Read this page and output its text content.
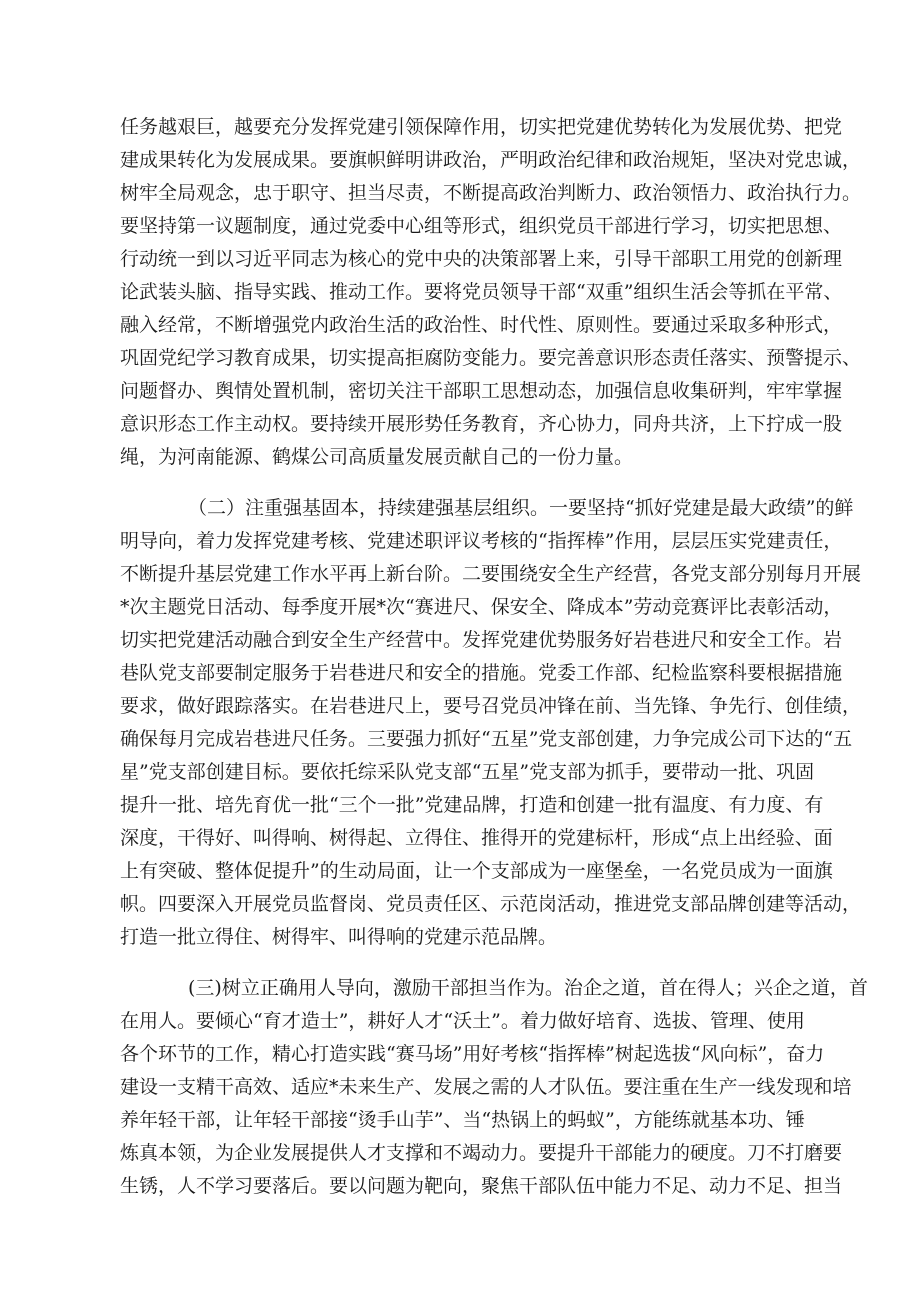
任务越艰巨，越要充分发挥党建引领保障作用，切实把党建优势转化为发展优势、把党
建成果转化为发展成果。要旗帜鲜明讲政治，严明政治纪律和政治规矩，坚决对党忠诚，
树牢全局观念，忠于职守、担当尽责，不断提高政治判断力、政治领悟力、政治执行力。
要坚持第一议题制度，通过党委中心组等形式，组织党员干部进行学习，切实把思想、
行动统一到以习近平同志为核心的党中央的决策部署上来，引导干部职工用党的创新理
论武装头脑、指导实践、推动工作。要将党员领导干部“双重”组织生活会等抓在平常、
融入经常，不断增强党内政治生活的政治性、时代性、原则性。要通过采取多种形式，
巩固党纪学习教育成果，切实提高拒腐防变能力。要完善意识形态责任落实、预警提示、
问题督办、舆情处置机制，密切关注干部职工思想动态，加强信息收集研判，牢牢掌握
意识形态工作主动权。要持续开展形势任务教育，齐心协力，同舟共济，上下拧成一股
绳，为河南能源、鹤煤公司高质量发展贡献自己的一份力量。
（二）注重强基固本，持续建强基层组织。一要坚持“抓好党建是最大政绩”的鲜
明导向，着力发挥党建考核、党建述职评议考核的“指挥棒”作用，层层压实党建责任，
不断提升基层党建工作水平再上新台阶。二要围绕安全生产经营，各党支部分别每月开展
*次主题党日活动、每季度开展*次“赛进尺、保安全、降成本”劳动竞赛评比表彰活动，
切实把党建活动融合到安全生产经营中。发挥党建优势服务好岩巷进尺和安全工作。岩
巷队党支部要制定服务于岩巷进尺和安全的措施。党委工作部、纪检监察科要根据措施
要求，做好跟踪落实。在岩巷进尺上，要号召党员冲锋在前、当先锋、争先行、创佳绩，
确保每月完成岩巷进尺任务。三要强力抓好“五星”党支部创建，力争完成公司下达的“五
星”党支部创建目标。要依托综采队党支部“五星”党支部为抓手，要带动一批、巩固
提升一批、培先育优一批“三个一批”党建品牌，打造和创建一批有温度、有力度、有
深度，干得好、叫得响、树得起、立得住、推得开的党建标杆，形成“点上出经验、面
上有突破、整体促提升”的生动局面，让一个支部成为一座堡垒，一名党员成为一面旗
帜。四要深入开展党员监督岗、党员责任区、示范岗活动，推进党支部品牌创建等活动，
打造一批立得住、树得牢、叫得响的党建示范品牌。
(三)树立正确用人导向，激励干部担当作为。治企之道，首在得人；兴企之道，首
在用人。要倾心“育才造士”，耕好人才“沃土”。着力做好培育、选拔、管理、使用
各个环节的工作，精心打造实践“赛马场”用好考核“指挥棒”树起选拔“风向标”，奋力
建设一支精干高效、适应*未来生产、发展之需的人才队伍。要注重在生产一线发现和培
养年轻干部，让年轻干部接“烫手山芋”、当“热锅上的蚂蚁”，方能练就基本功、锤
炼真本领，为企业发展提供人才支撑和不竭动力。要提升干部能力的硬度。刀不打磨要
生锈，人不学习要落后。要以问题为靶向，聚焦干部队伍中能力不足、动力不足、担当
